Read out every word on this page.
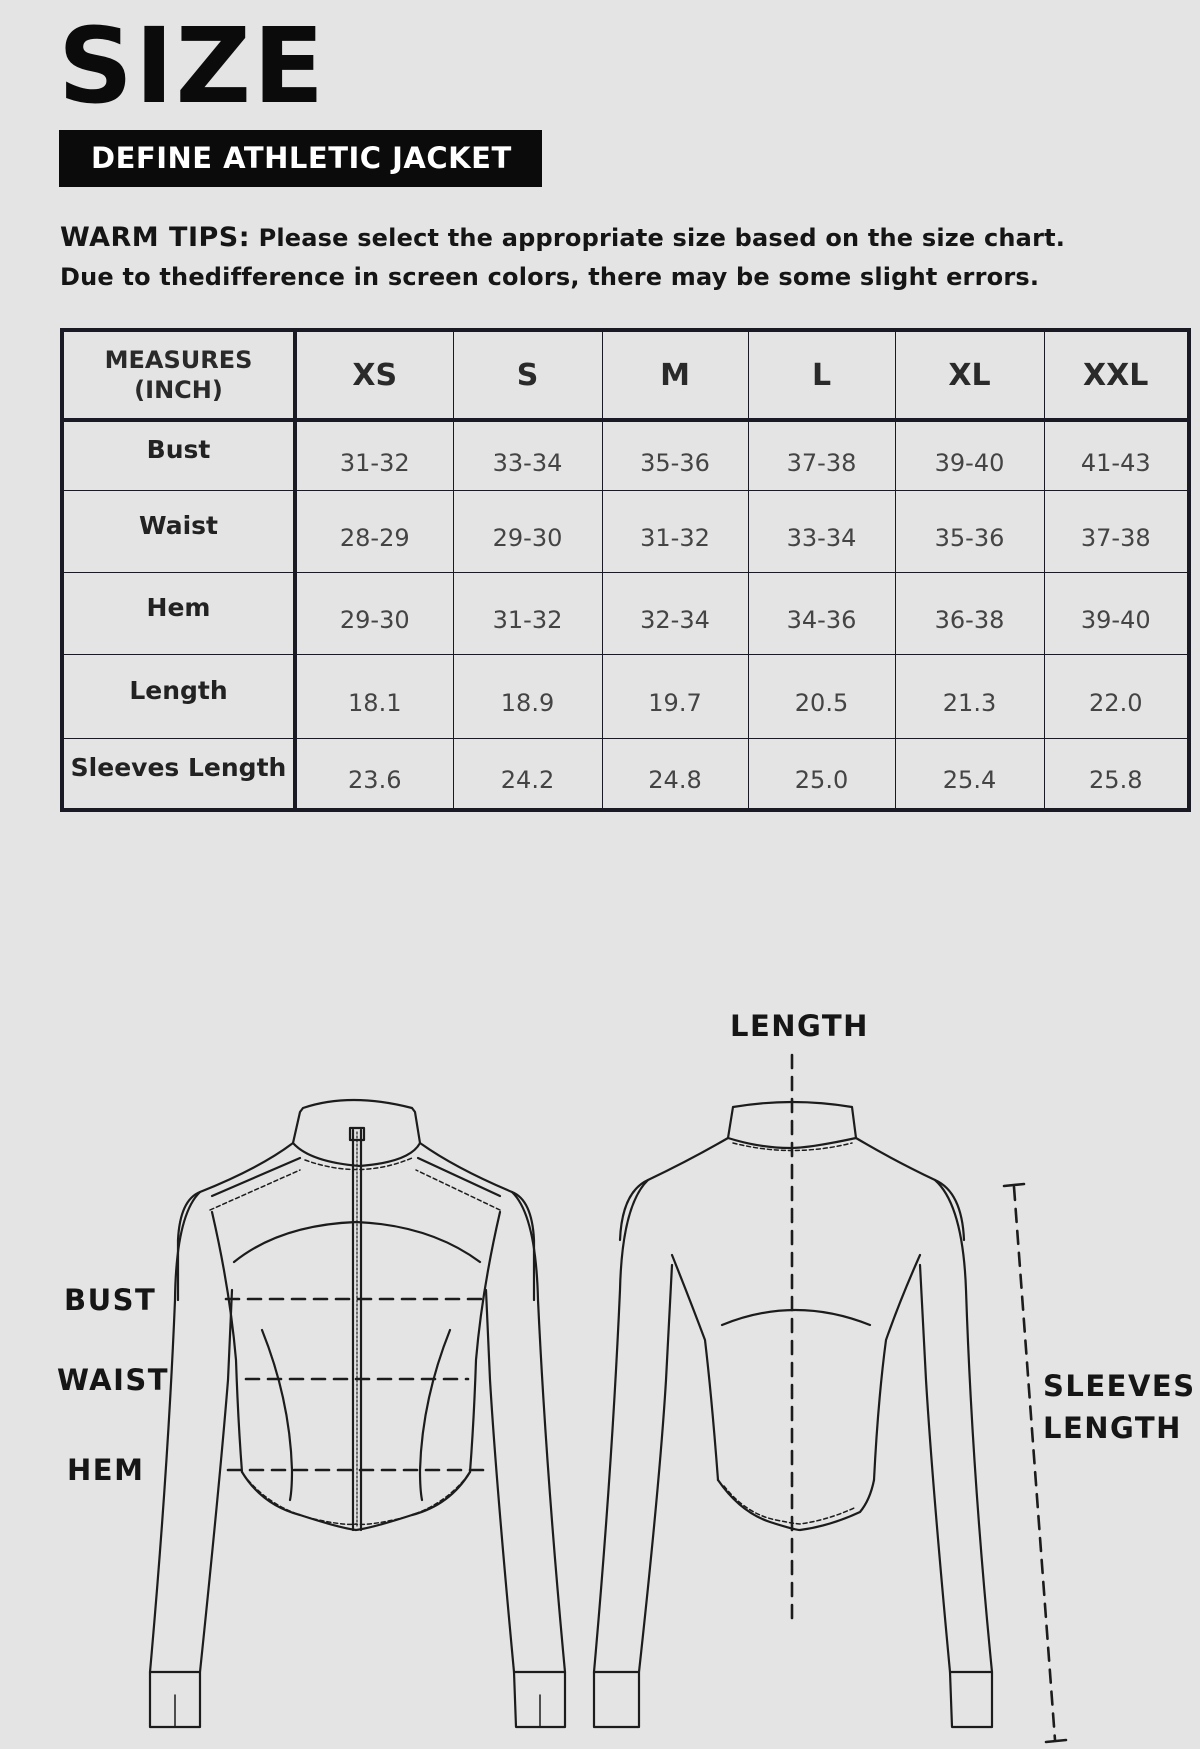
SIZE
DEFINE ATHLETIC JACKET
WARM TIPS: Please select the appropriate size based on the size chart.
Due to thedifference in screen colors, there may be some slight errors.
MEASURES
(INCH)	XS	S	M	L	XL	XXL
Bust	31-32	33-34	35-36	37-38	39-40	41-43
Waist	28-29	29-30	31-32	33-34	35-36	37-38
Hem	29-30	31-32	32-34	34-36	36-38	39-40
Length	18.1	18.9	19.7	20.5	21.3	22.0
Sleeves Length	23.6	24.2	24.8	25.0	25.4	25.8
LENGTH
BUST
WAIST
HEM
SLEEVES
LENGTH
